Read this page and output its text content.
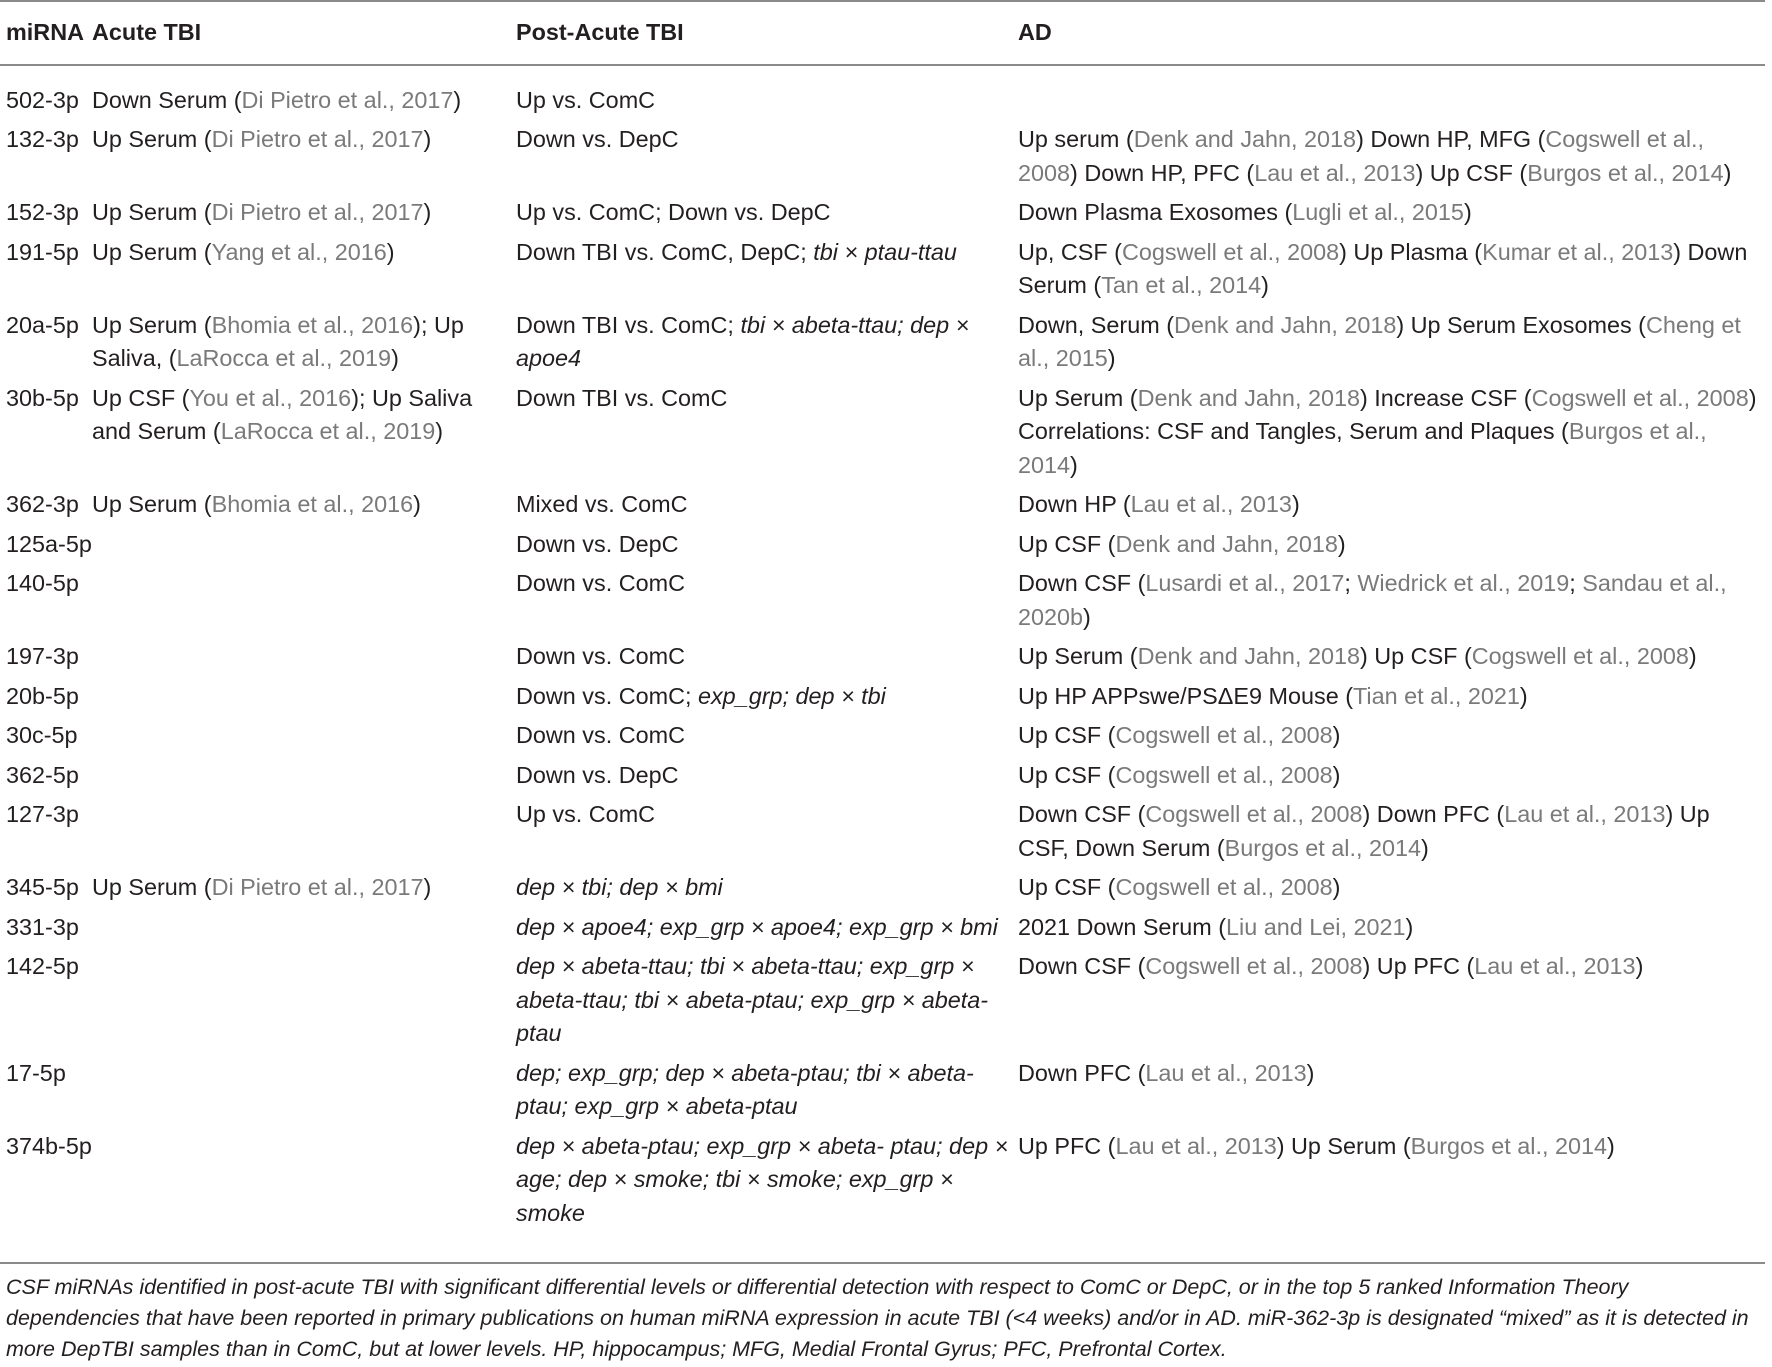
miRNA	Acute TBI	Post-Acute TBI	AD
502-3p	Down Serum (Di Pietro et al., 2017)	Up vs. ComC	
132-3p	Up Serum (Di Pietro et al., 2017)	Down vs. DepC	Up serum (Denk and Jahn, 2018) Down HP, MFG (Cogswell et al., 2008) Down HP, PFC (Lau et al., 2013) Up CSF (Burgos et al., 2014)
152-3p	Up Serum (Di Pietro et al., 2017)	Up vs. ComC; Down vs. DepC	Down Plasma Exosomes (Lugli et al., 2015)
191-5p	Up Serum (Yang et al., 2016)	Down TBI vs. ComC, DepC; tbi × ptau-ttau	Up, CSF (Cogswell et al., 2008) Up Plasma (Kumar et al., 2013) Down Serum (Tan et al., 2014)
20a-5p	Up Serum (Bhomia et al., 2016); Up Saliva, (LaRocca et al., 2019)	Down TBI vs. ComC; tbi × abeta-ttau; dep × apoe4	Down, Serum (Denk and Jahn, 2018) Up Serum Exosomes (Cheng et al., 2015)
30b-5p	Up CSF (You et al., 2016); Up Saliva and Serum (LaRocca et al., 2019)	Down TBI vs. ComC	Up Serum (Denk and Jahn, 2018) Increase CSF (Cogswell et al., 2008) Correlations: CSF and Tangles, Serum and Plaques (Burgos et al., 2014)
362-3p	Up Serum (Bhomia et al., 2016)	Mixed vs. ComC	Down HP (Lau et al., 2013)
125a-5p		Down vs. DepC	Up CSF (Denk and Jahn, 2018)
140-5p		Down vs. ComC	Down CSF (Lusardi et al., 2017; Wiedrick et al., 2019; Sandau et al., 2020b)
197-3p		Down vs. ComC	Up Serum (Denk and Jahn, 2018) Up CSF (Cogswell et al., 2008)
20b-5p		Down vs. ComC; exp_grp; dep × tbi	Up HP APPswe/PSΔE9 Mouse (Tian et al., 2021)
30c-5p		Down vs. ComC	Up CSF (Cogswell et al., 2008)
362-5p		Down vs. DepC	Up CSF (Cogswell et al., 2008)
127-3p		Up vs. ComC	Down CSF (Cogswell et al., 2008) Down PFC (Lau et al., 2013) Up CSF, Down Serum (Burgos et al., 2014)
345-5p	Up Serum (Di Pietro et al., 2017)	dep × tbi; dep × bmi	Up CSF (Cogswell et al., 2008)
331-3p		dep × apoe4; exp_grp × apoe4; exp_grp × bmi	2021 Down Serum (Liu and Lei, 2021)
142-5p		dep × abeta-ttau; tbi × abeta-ttau; exp_grp × abeta-ttau; tbi × abeta-ptau; exp_grp × abeta-ptau	Down CSF (Cogswell et al., 2008) Up PFC (Lau et al., 2013)
17-5p		dep; exp_grp; dep × abeta-ptau; tbi × abeta-ptau; exp_grp × abeta-ptau	Down PFC (Lau et al., 2013)
374b-5p		dep × abeta-ptau; exp_grp × abeta- ptau; dep × age; dep × smoke; tbi × smoke; exp_grp × smoke	Up PFC (Lau et al., 2013) Up Serum (Burgos et al., 2014)
CSF miRNAs identified in post-acute TBI with significant differential levels or differential detection with respect to ComC or DepC, or in the top 5 ranked Information Theory dependencies that have been reported in primary publications on human miRNA expression in acute TBI (<4 weeks) and/or in AD. miR-362-3p is designated “mixed” as it is detected in more DepTBI samples than in ComC, but at lower levels. HP, hippocampus; MFG, Medial Frontal Gyrus; PFC, Prefrontal Cortex.
